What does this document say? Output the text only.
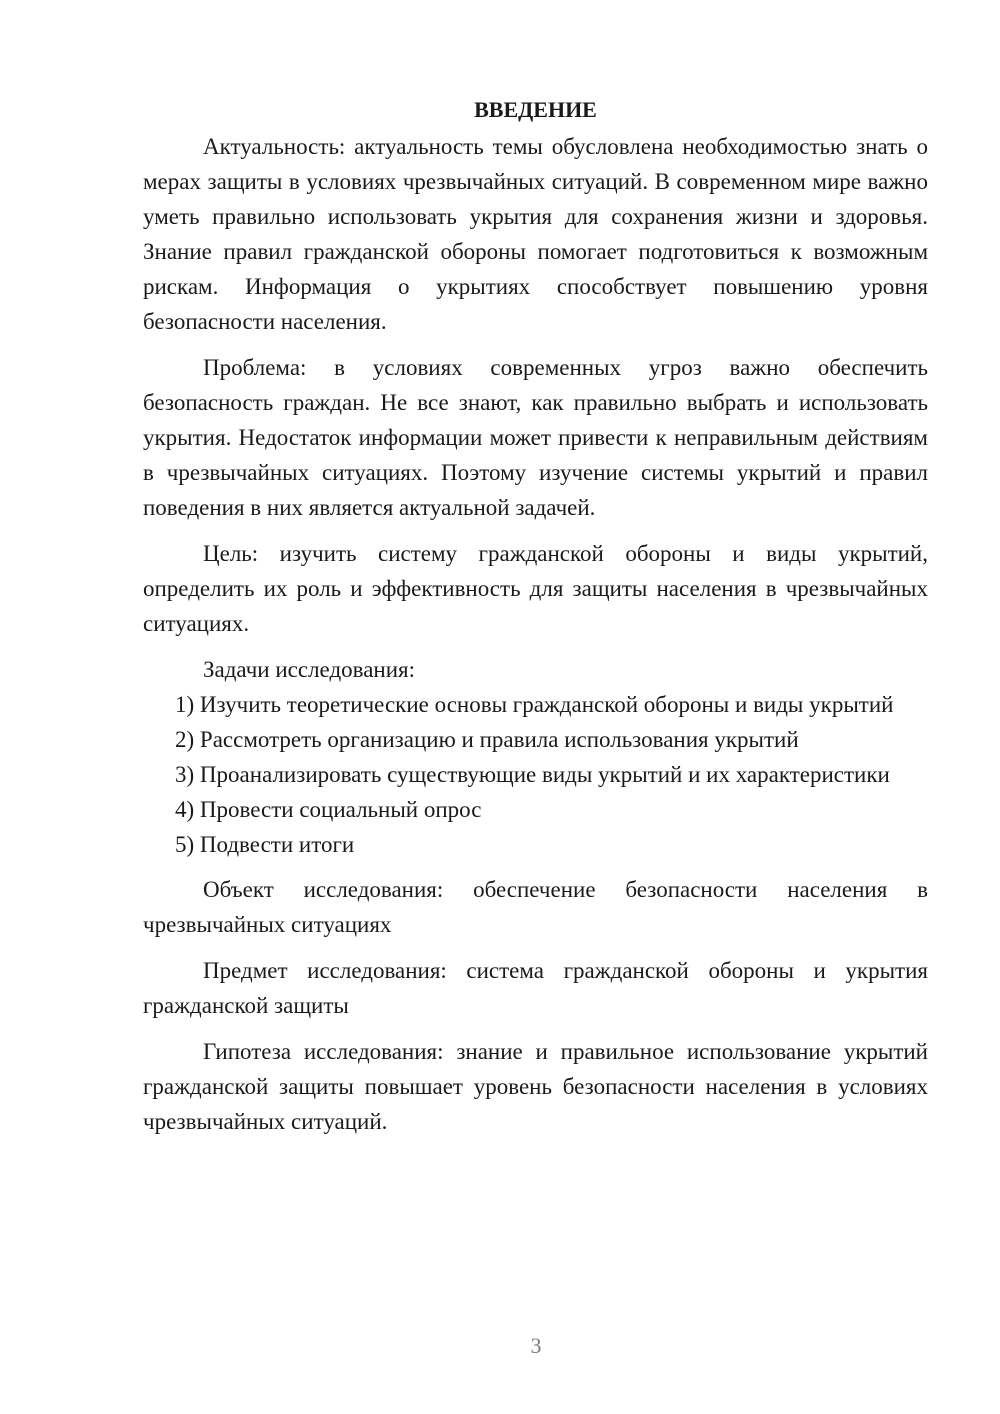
ВВЕДЕНИЕ

Актуальность: актуальность темы обусловлена необходимостью знать о мерах защиты в условиях чрезвычайных ситуаций. В современном мире важно уметь правильно использовать укрытия для сохранения жизни и здоровья. Знание правил гражданской обороны помогает подготовиться к возможным рискам. Информация о укрытиях способствует повышению уровня безопасности населения.

Проблема: в условиях современных угроз важно обеспечить безопасность граждан. Не все знают, как правильно выбрать и использовать укрытия. Недостаток информации может привести к неправильным действиям в чрезвычайных ситуациях. Поэтому изучение системы укрытий и правил поведения в них является актуальной задачей.

Цель: изучить систему гражданской обороны и виды укрытий, определить их роль и эффективность для защиты населения в чрезвычайных ситуациях.

Задачи исследования:

1) Изучить теоретические основы гражданской обороны и виды укрытий

2) Рассмотреть организацию и правила использования укрытий

3) Проанализировать существующие виды укрытий и их характеристики

4) Провести социальный опрос

5) Подвести итоги

Объект исследования: обеспечение безопасности населения в чрезвычайных ситуациях

Предмет исследования: система гражданской обороны и укрытия гражданской защиты

Гипотеза исследования: знание и правильное использование укрытий гражданской защиты повышает уровень безопасности населения в условиях чрезвычайных ситуаций.

3
